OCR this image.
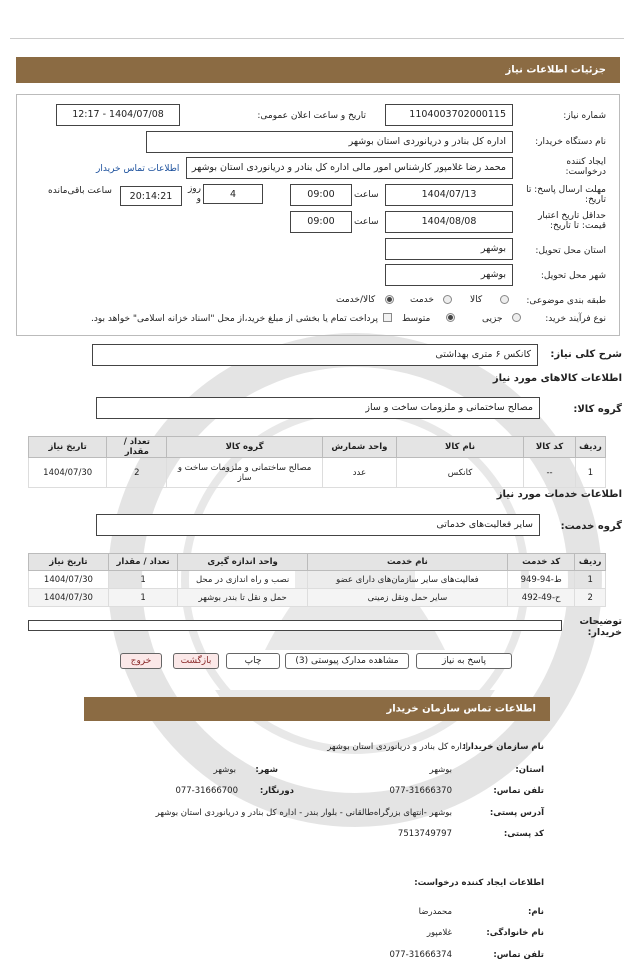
جزئیات اطلاعات نیاز
شماره نیاز:
1104003702000115
تاریخ و ساعت اعلان عمومی:
1404/07/08 - 12:17
نام دستگاه خریدار:
اداره کل بنادر و دریانوردی استان بوشهر
ایجاد کننده درخواست:
محمد رضا غلامپور کارشناس امور مالی اداره کل بنادر و دریانوردی استان بوشهر
اطلاعات تماس خریدار
مهلت ارسال پاسخ: تا تاریخ:
1404/07/13
ساعت
09:00
4
روز و
20:14:21
ساعت باقی‌مانده
حداقل تاریخ اعتبار قیمت: تا تاریخ:
1404/08/08
ساعت
09:00
استان محل تحویل:
بوشهر
شهر محل تحویل:
بوشهر
طبقه بندی موضوعی:
کالا
خدمت
کالا/خدمت
نوع فرآیند خرید:
جزیی
متوسط
پرداخت تمام یا بخشی از مبلغ خرید،از محل "اسناد خزانه اسلامی" خواهد بود.
شرح کلی نیاز:
کانکس ۶ متری بهداشتی
اطلاعات کالاهای مورد نیاز
گروه کالا:
مصالح ساختمانی و ملزومات ساخت و ساز
ردیف	کد کالا	نام کالا	واحد شمارش	گروه کالا	تعداد / مقدار	تاریخ نیاز
1	--	کانکس	عدد	مصالح ساختمانی و ملزومات ساخت و ساز	2	1404/07/30
اطلاعات خدمات مورد نیاز
گروه خدمت:
سایر فعالیت‌های خدماتی
ردیف	کد خدمت	نام خدمت	واحد اندازه گیری	تعداد / مقدار	تاریخ نیاز
1	ط-94-949	فعالیت‌های سایر سازمان‌های دارای عضو	نصب و راه اندازی در محل	1	1404/07/30
2	ح-49-492	سایر حمل ونقل زمینی	حمل و نقل تا بندر بوشهر	1	1404/07/30
توضیحات خریدار:
پاسخ به نیاز
مشاهده مدارک پیوستی (3)
چاپ
بازگشت
خروج
اطلاعات تماس سازمان خریدار
نام سازمان خریدار:
اداره کل بنادر و دریانوردی استان بوشهر
استان:
بوشهر
شهر:
بوشهر
تلفن تماس:
077-31666370
دورنگار:
077-31666700
آدرس پستی:
بوشهر -انتهای بزرگراه‌طالقانی - بلوار بندر - اداره کل بنادر و دریانوردی استان بوشهر
کد پستی:
7513749797
اطلاعات ایجاد کننده درخواست:
نام:
محمدرضا
نام خانوادگی:
غلامپور
تلفن تماس:
077-31666374
